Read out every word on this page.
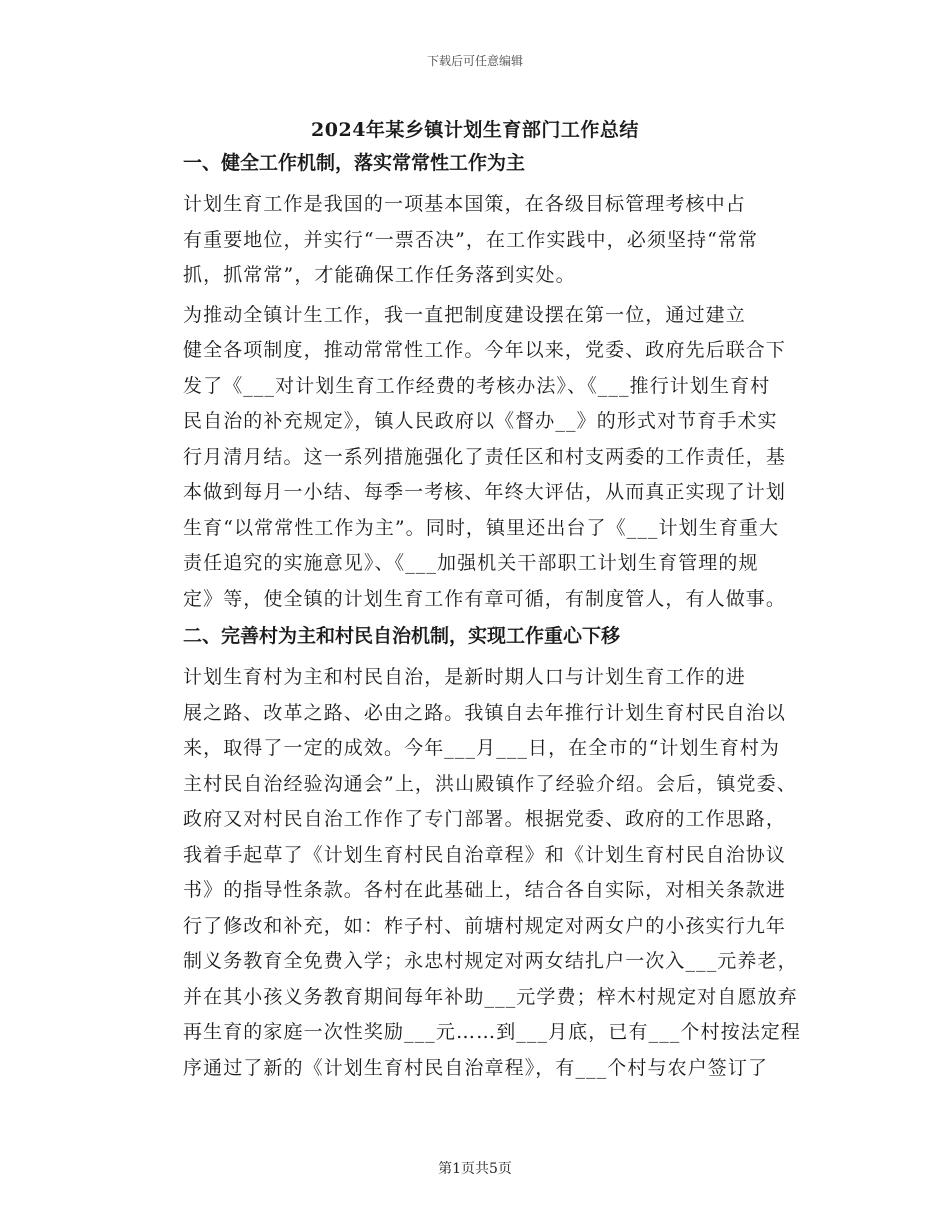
下载后可任意编辑
2024年某乡镇计划生育部门工作总结
一、健全工作机制，落实常常性工作为主

计划生育工作是我国的一项基本国策，在各级目标管理考核中占
有重要地位，并实行“一票否决”，在工作实践中，必须坚持“常常
抓，抓常常”，才能确保工作任务落到实处。

为推动全镇计生工作，我一直把制度建设摆在第一位，通过建立
健全各项制度，推动常常性工作。今年以来，党委、政府先后联合下
发了《___对计划生育工作经费的考核办法》、《___推行计划生育村
民自治的补充规定》，镇人民政府以《督办__》的形式对节育手术实
行月清月结。这一系列措施强化了责任区和村支两委的工作责任，基
本做到每月一小结、每季一考核、年终大评估，从而真正实现了计划
生育“以常常性工作为主”。同时，镇里还出台了《___计划生育重大
责任追究的实施意见》、《___加强机关干部职工计划生育管理的规
定》等，使全镇的计划生育工作有章可循，有制度管人，有人做事。

二、完善村为主和村民自治机制，实现工作重心下移

计划生育村为主和村民自治，是新时期人口与计划生育工作的进
展之路、改革之路、必由之路。我镇自去年推行计划生育村民自治以
来，取得了一定的成效。今年___月___日，在全市的“计划生育村为
主村民自治经验沟通会”上，洪山殿镇作了经验介绍。会后，镇党委、
政府又对村民自治工作作了专门部署。根据党委、政府的工作思路，
我着手起草了《计划生育村民自治章程》和《计划生育村民自治协议
书》的指导性条款。各村在此基础上，结合各自实际，对相关条款进
行了修改和补充，如：柞子村、前塘村规定对两女户的小孩实行九年
制义务教育全免费入学；永忠村规定对两女结扎户一次入___元养老，
并在其小孩义务教育期间每年补助___元学费；梓木村规定对自愿放弃
再生育的家庭一次性奖励___元……到___月底，已有___个村按法定程
序通过了新的《计划生育村民自治章程》，有___个村与农户签订了

第1页共5页
